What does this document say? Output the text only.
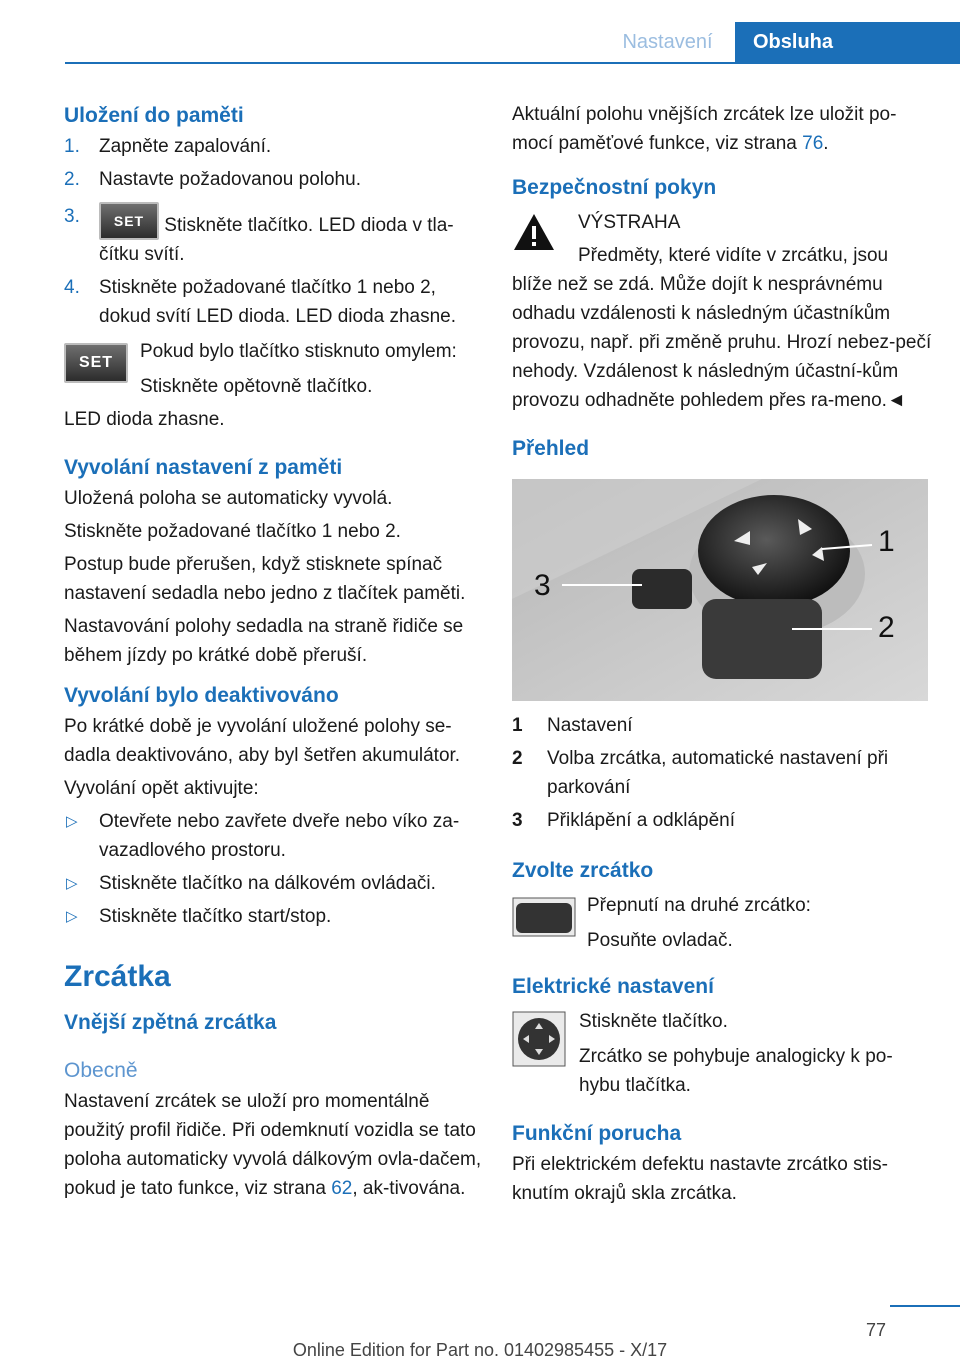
Nastavení	Obsluha
Uložení do paměti
1. Zapněte zapalování.
2. Nastavte požadovanou polohu.
3. SET Stiskněte tlačítko. LED dioda v tla-čítku svítí.
4. Stiskněte požadované tlačítko 1 nebo 2, dokud svítí LED dioda. LED dioda zhasne.
SET

Pokud bylo tlačítko stisknuto omylem:

Stiskněte opětovně tlačítko.

LED dioda zhasne.

Vyvolání nastavení z paměti

Uložená poloha se automaticky vyvolá.

Stiskněte požadované tlačítko 1 nebo 2.

Postup bude přerušen, když stisknete spínač nastavení sedadla nebo jedno z tlačítek paměti.

Nastavování polohy sedadla na straně řidiče se během jízdy po krátké době přeruší.

Vyvolání bylo deaktivováno

Po krátké době je vyvolání uložené polohy se-dadla deaktivováno, aby byl šetřen akumulátor.

Vyvolání opět aktivujte:

▷ Otevřete nebo zavřete dveře nebo víko za-vazadlového prostoru.
▷ Stiskněte tlačítko na dálkovém ovládači.
▷ Stiskněte tlačítko start/stop.
Zrcátka
Vnější zpětná zrcátka
Obecně

Nastavení zrcátek se uloží pro momentálně použitý profil řidiče. Při odemknutí vozidla se tato poloha automaticky vyvolá dálkovým ovla-dačem, pokud je tato funkce, viz strana 62, ak-tivována.

Aktuální polohu vnějších zrcátek lze uložit po-mocí paměťové funkce, viz strana 76.

Bezpečnostní pokyn

VÝSTRAHA

Předměty, které vidíte v zrcátku, jsou blíže než se zdá. Může dojít k nesprávnému odhadu vzdálenosti k následným účastníkům provozu, např. při změně pruhu. Hrozí nebez-pečí nehody. Vzdálenost k následným účastní-kům provozu odhadněte pohledem přes ra-meno.◄

Přehled
1
2
3
1 Nastavení
2 Volba zrcátka, automatické nastavení při parkování
3 Přiklápění a odklápění
Zvolte zrcátko

Přepnutí na druhé zrcátko:

Posuňte ovladač.

Elektrické nastavení

Stiskněte tlačítko.

Zrcátko se pohybuje analogicky k po-hybu tlačítka.

Funkční porucha

Při elektrickém defektu nastavte zrcátko stis-knutím okrajů skla zrcátka.

77
Online Edition for Part no. 01402985455 - X/17
